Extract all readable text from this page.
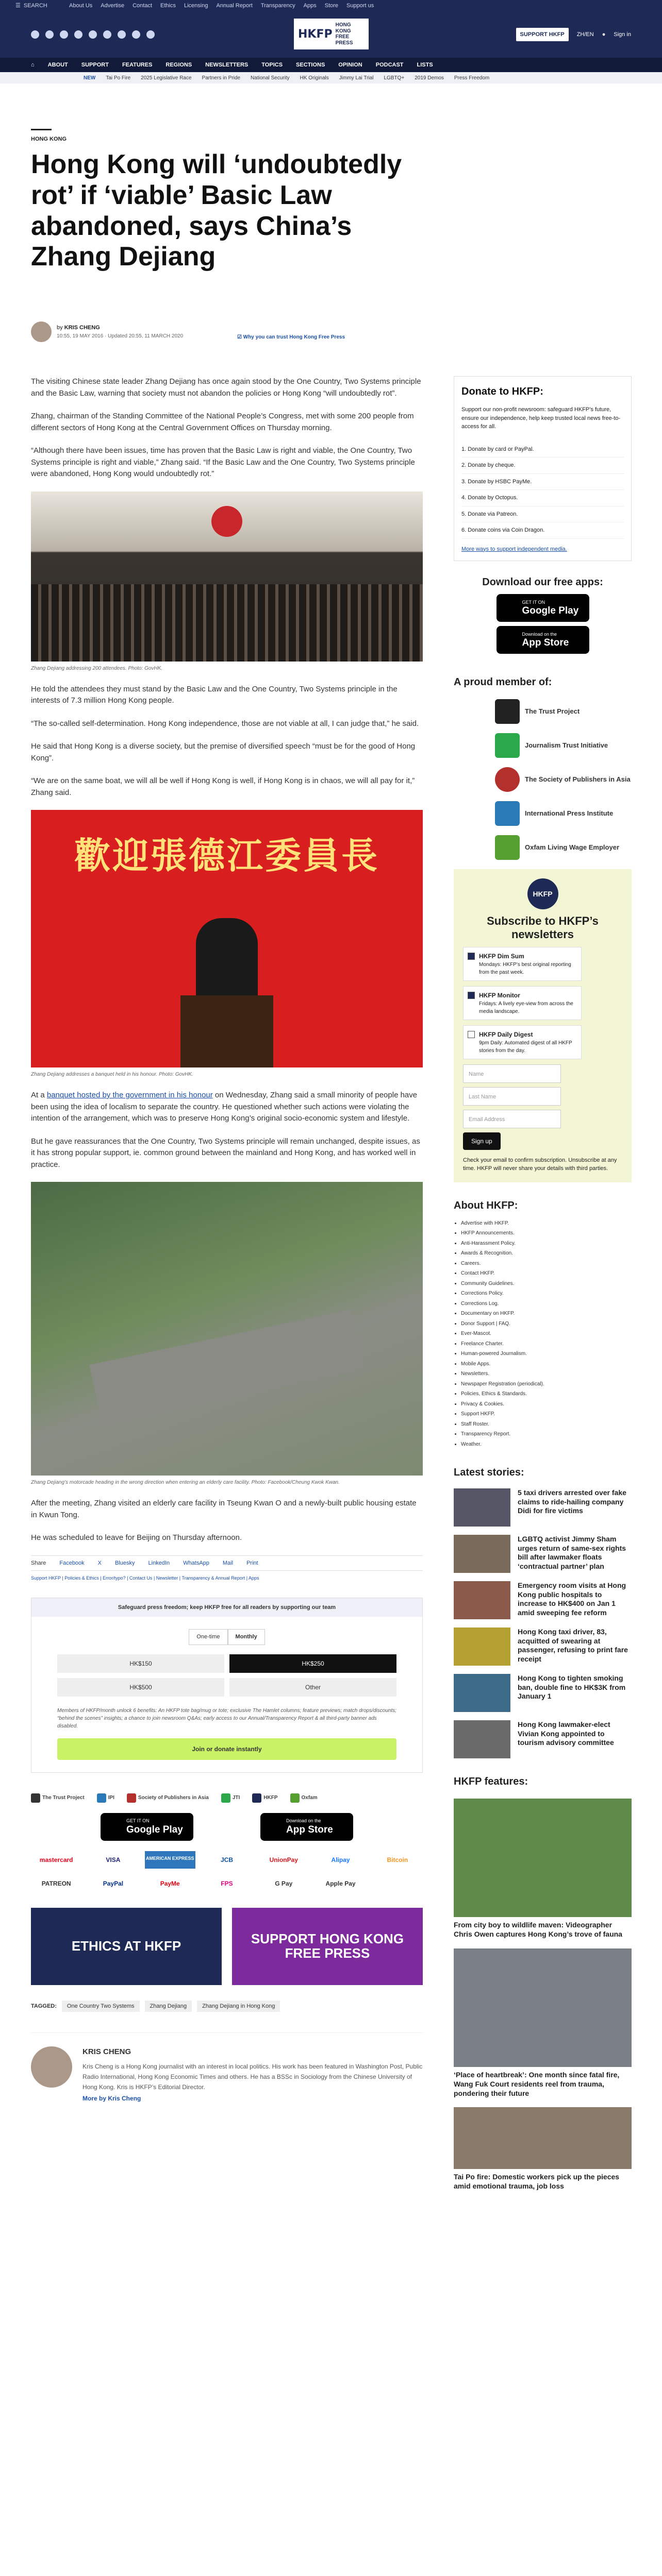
☰ SEARCH	About Us Advertise Contact Ethics Licensing Annual Report Transparency Apps Store Support us
HKFP
HONG KONG
FREE PRESS
SUPPORT HKFP	ZH/EN ● Sign in
⌂ ABOUT SUPPORT FEATURES REGIONS NEWSLETTERS TOPICS SECTIONS OPINION PODCAST LISTS
NEW Tai Po Fire 2025 Legislative Race Partners in Pride National Security HK Originals Jimmy Lai Trial LGBTQ+ 2019 Demos Press Freedom
HONG KONG
Hong Kong will ‘undoubtedly rot’ if ‘viable’ Basic Law abandoned, says China’s Zhang Dejiang
by KRIS CHENG
10:55, 19 MAY 2016 · Updated 20:55, 11 MARCH 2020	☑ Why you can trust Hong Kong Free Press

The visiting Chinese state leader Zhang Dejiang has once again stood by the One Country, Two Systems principle and the Basic Law, warning that society must not abandon the policies or Hong Kong “will undoubtedly rot”.

Zhang, chairman of the Standing Committee of the National People’s Congress, met with some 200 people from different sectors of Hong Kong at the Central Government Offices on Thursday morning.

“Although there have been issues, time has proven that the Basic Law is right and viable, the One Country, Two Systems principle is right and viable,” Zhang said. “If the Basic Law and the One Country, Two Systems principle were abandoned, Hong Kong would undoubtedly rot.”

Zhang Dejiang addressing 200 attendees. Photo: GovHK.

He told the attendees they must stand by the Basic Law and the One Country, Two Systems principle in the interests of 7.3 million Hong Kong people.

“The so-called self-determination. Hong Kong independence, those are not viable at all, I can judge that,” he said.

He said that Hong Kong is a diverse society, but the premise of diversified speech “must be for the good of Hong Kong”.

“We are on the same boat, we will all be well if Hong Kong is well, if Hong Kong is in chaos, we will all pay for it,” Zhang said.

歡迎張德江委員長
Zhang Dejiang addresses a banquet held in his honour. Photo: GovHK.

At a banquet hosted by the government in his honour on Wednesday, Zhang said a small minority of people have been using the idea of localism to separate the country. He questioned whether such actions were violating the intention of the arrangement, which was to preserve Hong Kong’s original socio-economic system and lifestyle.

But he gave reassurances that the One Country, Two Systems principle will remain unchanged, despite issues, as it has strong popular support, ie. common ground between the mainland and Hong Kong, and has worked well in practice.

Zhang Dejiang’s motorcade heading in the wrong direction when entering an elderly care facility. Photo: Facebook/Cheung Kwok Kwan.

After the meeting, Zhang visited an elderly care facility in Tseung Kwan O and a newly-built public housing estate in Kwun Tong.

He was scheduled to leave for Beijing on Thursday afternoon.

Share Facebook X Bluesky LinkedIn WhatsApp Mail Print
Support HKFP | Policies & Ethics | Error/typo? | Contact Us | Newsletter | Transparency & Annual Report | Apps
Safeguard press freedom; keep HKFP free for all readers by supporting our team
One-time	Monthly
HK$150	HK$250
HK$500	Other
Members of HKFP/month unlock 6 benefits: An HKFP tote bag/mug or tote; exclusive The Hamlet columns; feature previews; match drops/discounts; “behind the scenes” insights; a chance to join newsroom Q&As; early access to our Annual/Transparency Report & all third-party banner ads disabled.
Join or donate instantly
The Trust Project	IPI	Society of Publishers in Asia	JTI	HKFP	Oxfam
GET IT ON
Google Play
Download on the
App Store
mastercard	VISA	AMERICAN EXPRESS	JCB	UnionPay	Alipay	Bitcoin
PATREON	PayPal	PayMe	FPS	G Pay	Apple Pay
ETHICS AT HKFP	SUPPORT HONG KONG FREE PRESS
TAGGED:	One Country Two Systems	Zhang Dejiang	Zhang Dejiang in Hong Kong
KRIS CHENG
Kris Cheng is a Hong Kong journalist with an interest in local politics. His work has been featured in Washington Post, Public Radio International, Hong Kong Economic Times and others. He has a BSSc in Sociology from the Chinese University of Hong Kong. Kris is HKFP’s Editorial Director.
More by Kris Cheng
Donate to HKFP:

Support our non-profit newsroom: safeguard HKFP’s future, ensure our independence, help keep trusted local news free-to-access for all.

1. Donate by card or PayPal.
2. Donate by cheque.
3. Donate by HSBC PayMe.
4. Donate by Octopus.
5. Donate via Patreon.
6. Donate coins via Coin Dragon.
More ways to support independent media.
Download our free apps:
GET IT ON
Google Play
Download on the
App Store
A proud member of:
The Trust Project
Journalism Trust Initiative
The Society of Publishers in Asia
International Press Institute
Oxfam Living Wage Employer
HKFP
Subscribe to HKFP’s newsletters
HKFP Dim Sum
Mondays: HKFP’s best original reporting from the past week.
HKFP Monitor
Fridays: A lively eye-view from across the media landscape.
HKFP Daily Digest
9pm Daily: Automated digest of all HKFP stories from the day.
Name
Last Name
Email Address
Sign up

Check your email to confirm subscription. Unsubscribe at any time. HKFP will never share your details with third parties.

About HKFP:
• Advertise with HKFP.
• HKFP Announcements.
• Anti-Harassment Policy.
• Awards & Recognition.
• Careers.
• Contact HKFP.
• Community Guidelines.
• Corrections Policy.
• Corrections Log.
• Documentary on HKFP.
• Donor Support | FAQ.
• Ever-Mascot.
• Freelance Charter.
• Human-powered Journalism.
• Mobile Apps.
• Newsletters.
• Newspaper Registration (periodical).
• Policies, Ethics & Standards.
• Privacy & Cookies.
• Support HKFP.
• Staff Roster.
• Transparency Report.
• Weather.
Latest stories:
5 taxi drivers arrested over fake claims to ride-hailing company Didi for fire victims
LGBTQ activist Jimmy Sham urges return of same-sex rights bill after lawmaker floats ‘contractual partner’ plan
Emergency room visits at Hong Kong public hospitals to increase to HK$400 on Jan 1 amid sweeping fee reform
Hong Kong taxi driver, 83, acquitted of swearing at passenger, refusing to print fare receipt
Hong Kong to tighten smoking ban, double fine to HK$3K from January 1
Hong Kong lawmaker-elect Vivian Kong appointed to tourism advisory committee
HKFP features:
From city boy to wildlife maven: Videographer Chris Owen captures Hong Kong’s trove of fauna
‘Place of heartbreak’: One month since fatal fire, Wang Fuk Court residents reel from trauma, pondering their future
Tai Po fire: Domestic workers pick up the pieces amid emotional trauma, job loss
